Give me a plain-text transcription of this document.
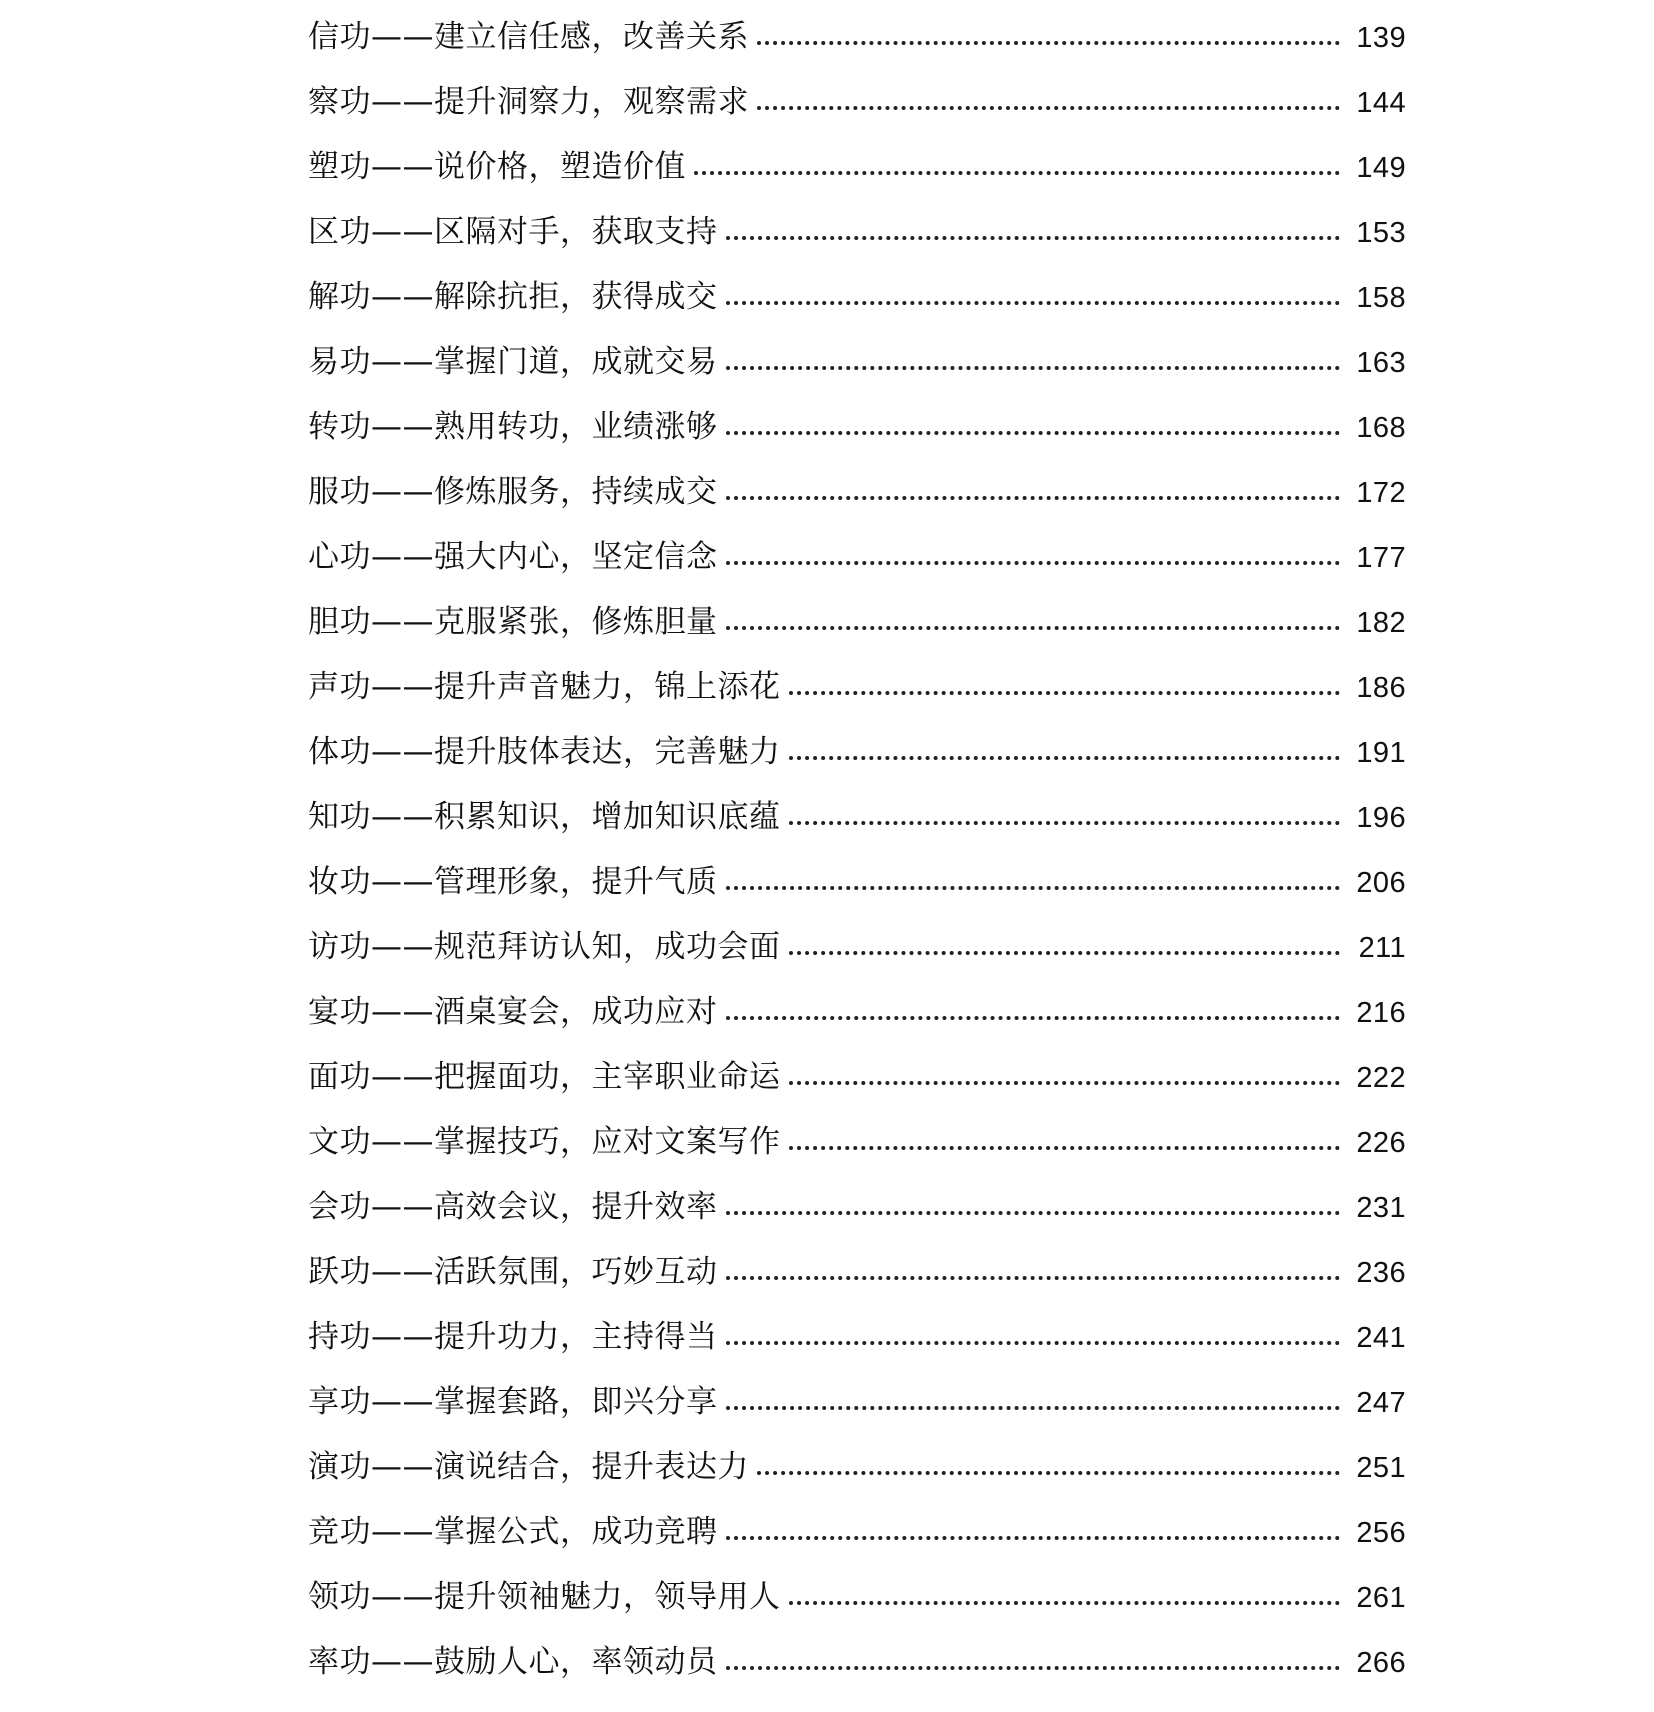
信功——建立信任感，改善关系	139
察功——提升洞察力，观察需求	144
塑功——说价格，塑造价值	149
区功——区隔对手，获取支持	153
解功——解除抗拒，获得成交	158
易功——掌握门道，成就交易	163
转功——熟用转功，业绩涨够	168
服功——修炼服务，持续成交	172
心功——强大内心，坚定信念	177
胆功——克服紧张，修炼胆量	182
声功——提升声音魅力，锦上添花	186
体功——提升肢体表达，完善魅力	191
知功——积累知识，增加知识底蕴	196
妆功——管理形象，提升气质	206
访功——规范拜访认知，成功会面	211
宴功——酒桌宴会，成功应对	216
面功——把握面功，主宰职业命运	222
文功——掌握技巧，应对文案写作	226
会功——高效会议，提升效率	231
跃功——活跃氛围，巧妙互动	236
持功——提升功力，主持得当	241
享功——掌握套路，即兴分享	247
演功——演说结合，提升表达力	251
竞功——掌握公式，成功竞聘	256
领功——提升领袖魅力，领导用人	261
率功——鼓励人心，率领动员	266
